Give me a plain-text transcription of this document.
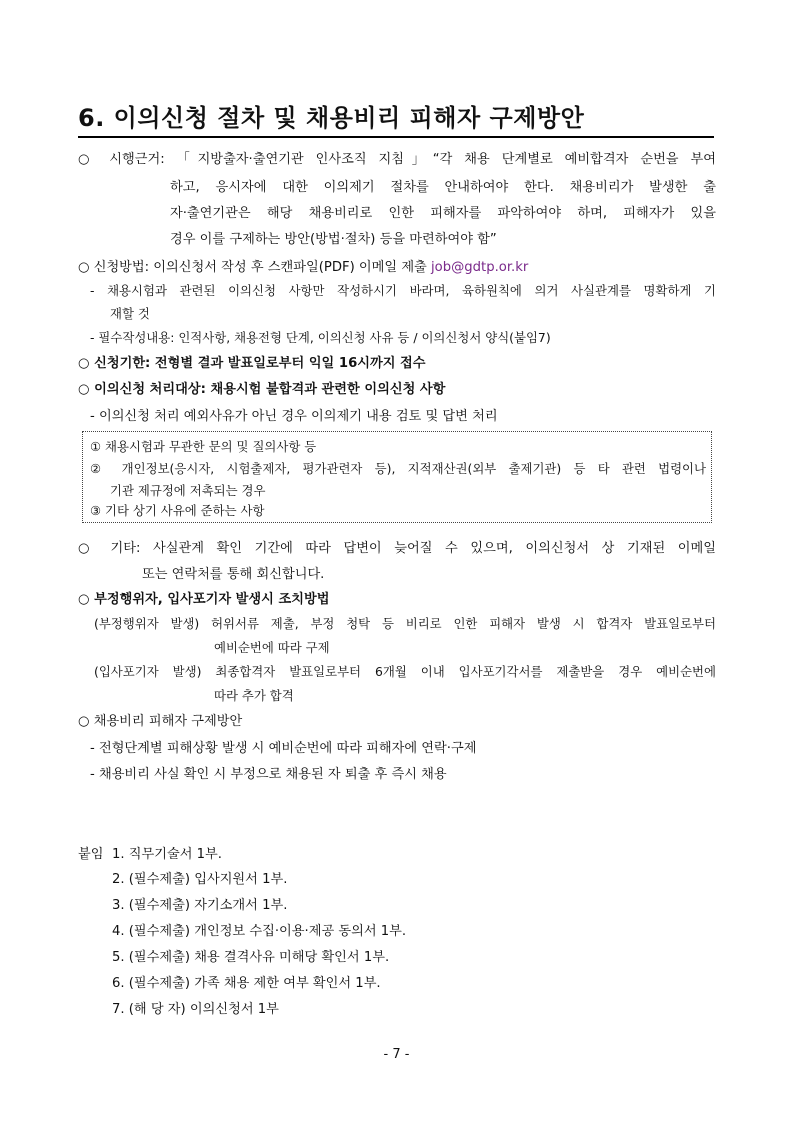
6. 이의신청 절차 및 채용비리 피해자 구제방안
○ 시행근거: 「지방출자·출연기관 인사조직 지침」“각 채용 단계별로 예비합격자 순번을 부여
하고, 응시자에 대한 이의제기 절차를 안내하여야 한다. 채용비리가 발생한 출
자·출연기관은 해당 채용비리로 인한 피해자를 파악하여야 하며, 피해자가 있을
경우 이를 구제하는 방안(방법·절차) 등을 마련하여야 함”
○ 신청방법: 이의신청서 작성 후 스캔파일(PDF) 이메일 제출 job@gdtp.or.kr
- 채용시험과 관련된 이의신청 사항만 작성하시기 바라며, 육하원칙에 의거 사실관계를 명확하게 기
재할 것
- 필수작성내용: 인적사항, 채용전형 단계, 이의신청 사유 등 / 이의신청서 양식(붙임7)
○ 신청기한: 전형별 결과 발표일로부터 익일 16시까지 접수
○ 이의신청 처리대상: 채용시험 불합격과 관련한 이의신청 사항
- 이의신청 처리 예외사유가 아닌 경우 이의제기 내용 검토 및 답변 처리
① 채용시험과 무관한 문의 및 질의사항 등
② 개인정보(응시자, 시험출제자, 평가관련자 등), 지적재산권(외부 출제기관) 등 타 관련 법령이나
기관 제규정에 저촉되는 경우
③ 기타 상기 사유에 준하는 사항
○ 기타: 사실관계 확인 기간에 따라 답변이 늦어질 수 있으며, 이의신청서 상 기재된 이메일
또는 연락처를 통해 회신합니다.
○ 부정행위자, 입사포기자 발생시 조치방법
(부정행위자 발생) 허위서류 제출, 부정 청탁 등 비리로 인한 피해자 발생 시 합격자 발표일로부터
예비순번에 따라 구제
(입사포기자 발생) 최종합격자 발표일로부터 6개월 이내 입사포기각서를 제출받을 경우 예비순번에
따라 추가 합격
○ 채용비리 피해자 구제방안
- 전형단계별 피해상황 발생 시 예비순번에 따라 피해자에 연락·구제
- 채용비리 사실 확인 시 부정으로 채용된 자 퇴출 후 즉시 채용
붙임 1. 직무기술서 1부.
2. (필수제출) 입사지원서 1부.
3. (필수제출) 자기소개서 1부.
4. (필수제출) 개인정보 수집·이용·제공 동의서 1부.
5. (필수제출) 채용 결격사유 미해당 확인서 1부.
6. (필수제출) 가족 채용 제한 여부 확인서 1부.
7. (해 당 자) 이의신청서 1부
- 7 -
